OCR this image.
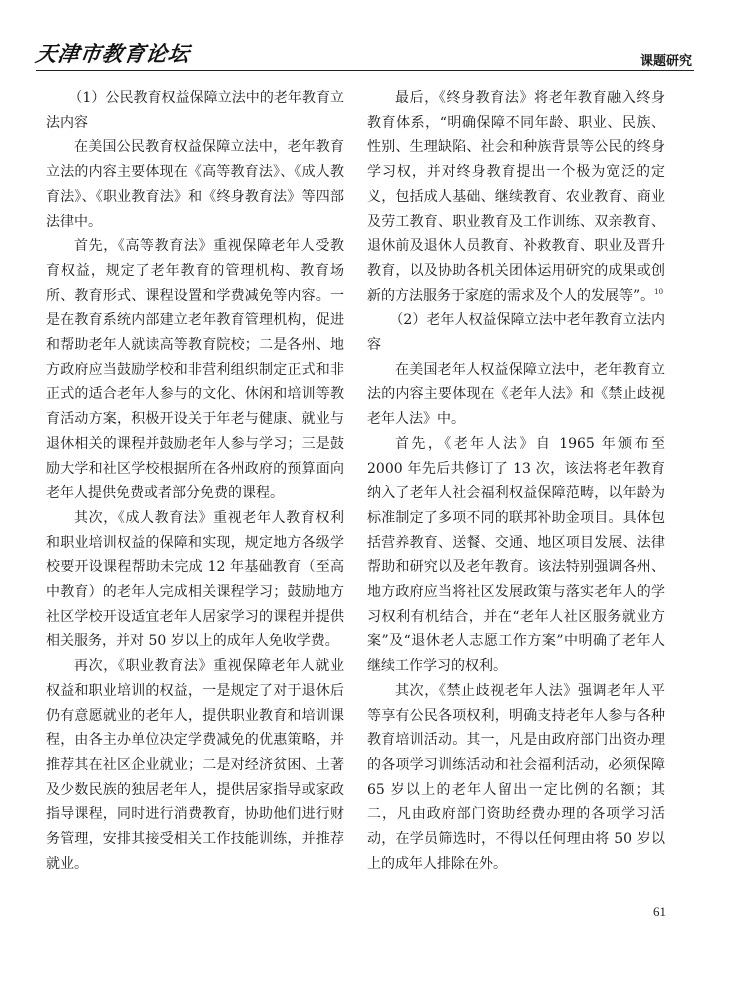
天津市教育论坛	课题研究

（1）公民教育权益保障立法中的老年教育立法内容

在美国公民教育权益保障立法中，老年教育立法的内容主要体现在《高等教育法》、《成人教育法》、《职业教育法》和《终身教育法》等四部法律中。

首先，《高等教育法》重视保障老年人受教育权益，规定了老年教育的管理机构、教育场所、教育形式、课程设置和学费减免等内容。一是在教育系统内部建立老年教育管理机构，促进和帮助老年人就读高等教育院校；二是各州、地方政府应当鼓励学校和非营利组织制定正式和非正式的适合老年人参与的文化、休闲和培训等教育活动方案，积极开设关于年老与健康、就业与退休相关的课程并鼓励老年人参与学习；三是鼓励大学和社区学校根据所在各州政府的预算面向老年人提供免费或者部分免费的课程。

其次，《成人教育法》重视老年人教育权利和职业培训权益的保障和实现，规定地方各级学校要开设课程帮助未完成 12 年基础教育（至高中教育）的老年人完成相关课程学习；鼓励地方社区学校开设适宜老年人居家学习的课程并提供相关服务，并对 50 岁以上的成年人免收学费。

再次，《职业教育法》重视保障老年人就业权益和职业培训的权益，一是规定了对于退休后仍有意愿就业的老年人，提供职业教育和培训课程，由各主办单位决定学费减免的优惠策略，并推荐其在社区企业就业；二是对经济贫困、土著及少数民族的独居老年人，提供居家指导或家政指导课程，同时进行消费教育，协助他们进行财务管理，安排其接受相关工作技能训练，并推荐就业。

最后，《终身教育法》将老年教育融入终身教育体系，“明确保障不同年龄、职业、民族、性别、生理缺陷、社会和种族背景等公民的终身学习权，并对终身教育提出一个极为宽泛的定义，包括成人基础、继续教育、农业教育、商业及劳工教育、职业教育及工作训练、双亲教育、退休前及退休人员教育、补救教育、职业及晋升教育，以及协助各机关团体运用研究的成果或创新的方法服务于家庭的需求及个人的发展等”。$^{10}$

（2）老年人权益保障立法中老年教育立法内容

在美国老年人权益保障立法中，老年教育立法的内容主要体现在《老年人法》和《禁止歧视老年人法》中。

首先，《老年人法》自 1965 年颁布至 2000 年先后共修订了 13 次，该法将老年教育纳入了老年人社会福利权益保障范畴，以年龄为标准制定了多项不同的联邦补助金项目。具体包括营养教育、送餐、交通、地区项目发展、法律帮助和研究以及老年教育。该法特别强调各州、地方政府应当将社区发展政策与落实老年人的学习权利有机结合，并在“老年人社区服务就业方案”及“退休老人志愿工作方案”中明确了老年人继续工作学习的权利。

其次，《禁止歧视老年人法》强调老年人平等享有公民各项权利，明确支持老年人参与各种教育培训活动。其一，凡是由政府部门出资办理的各项学习训练活动和社会福利活动，必须保障 65 岁以上的老年人留出一定比例的名额；其二，凡由政府部门资助经费办理的各项学习活动，在学员筛选时，不得以任何理由将 50 岁以上的成年人排除在外。

61
